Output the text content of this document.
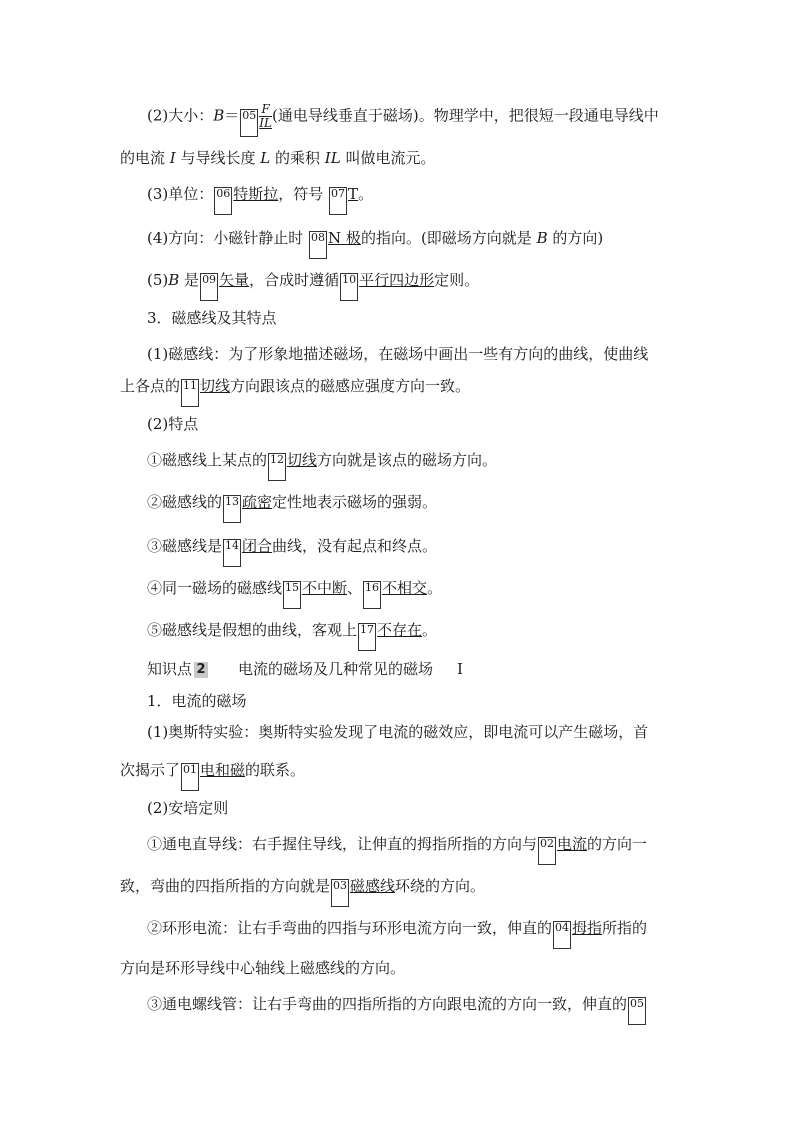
(2)大小：$B= 05 \frac{F}{IL}$ (通电导线垂直于磁场)。物理学中，把很短一段通电导线中
的电流 I 与导线长度 L 的乘积 IL 叫做电流元。
(3)单位： 06 特斯拉，符号 07 T。
(4)方向：小磁针静止时 08 N 极的指向。(即磁场方向就是 B 的方向)
(5)B 是 09 矢量，合成时遵循 10 平行四边形定则。
3．磁感线及其特点
(1)磁感线：为了形象地描述磁场，在磁场中画出一些有方向的曲线，使曲线
上各点的 11 切线方向跟该点的磁感应强度方向一致。
(2)特点
①磁感线上某点的 12 切线方向就是该点的磁场方向。
②磁感线的 13 疏密定性地表示磁场的强弱。
③磁感线是 14 闭合曲线，没有起点和终点。
④同一磁场的磁感线 15 不中断、 16 不相交。
⑤磁感线是假想的曲线，客观上 17 不存在。
知识点 2 电流的磁场及几种常见的磁场 Ⅰ
1．电流的磁场
(1)奥斯特实验：奥斯特实验发现了电流的磁效应，即电流可以产生磁场，首
次揭示了 01 电和磁的联系。
(2)安培定则
①通电直导线：右手握住导线，让伸直的拇指所指的方向与 02 电流的方向一
致，弯曲的四指所指的方向就是 03 磁感线环绕的方向。
②环形电流：让右手弯曲的四指与环形电流方向一致，伸直的 04 拇指所指的
方向是环形导线中心轴线上磁感线的方向。
③通电螺线管：让右手弯曲的四指所指的方向跟电流的方向一致，伸直的 05
